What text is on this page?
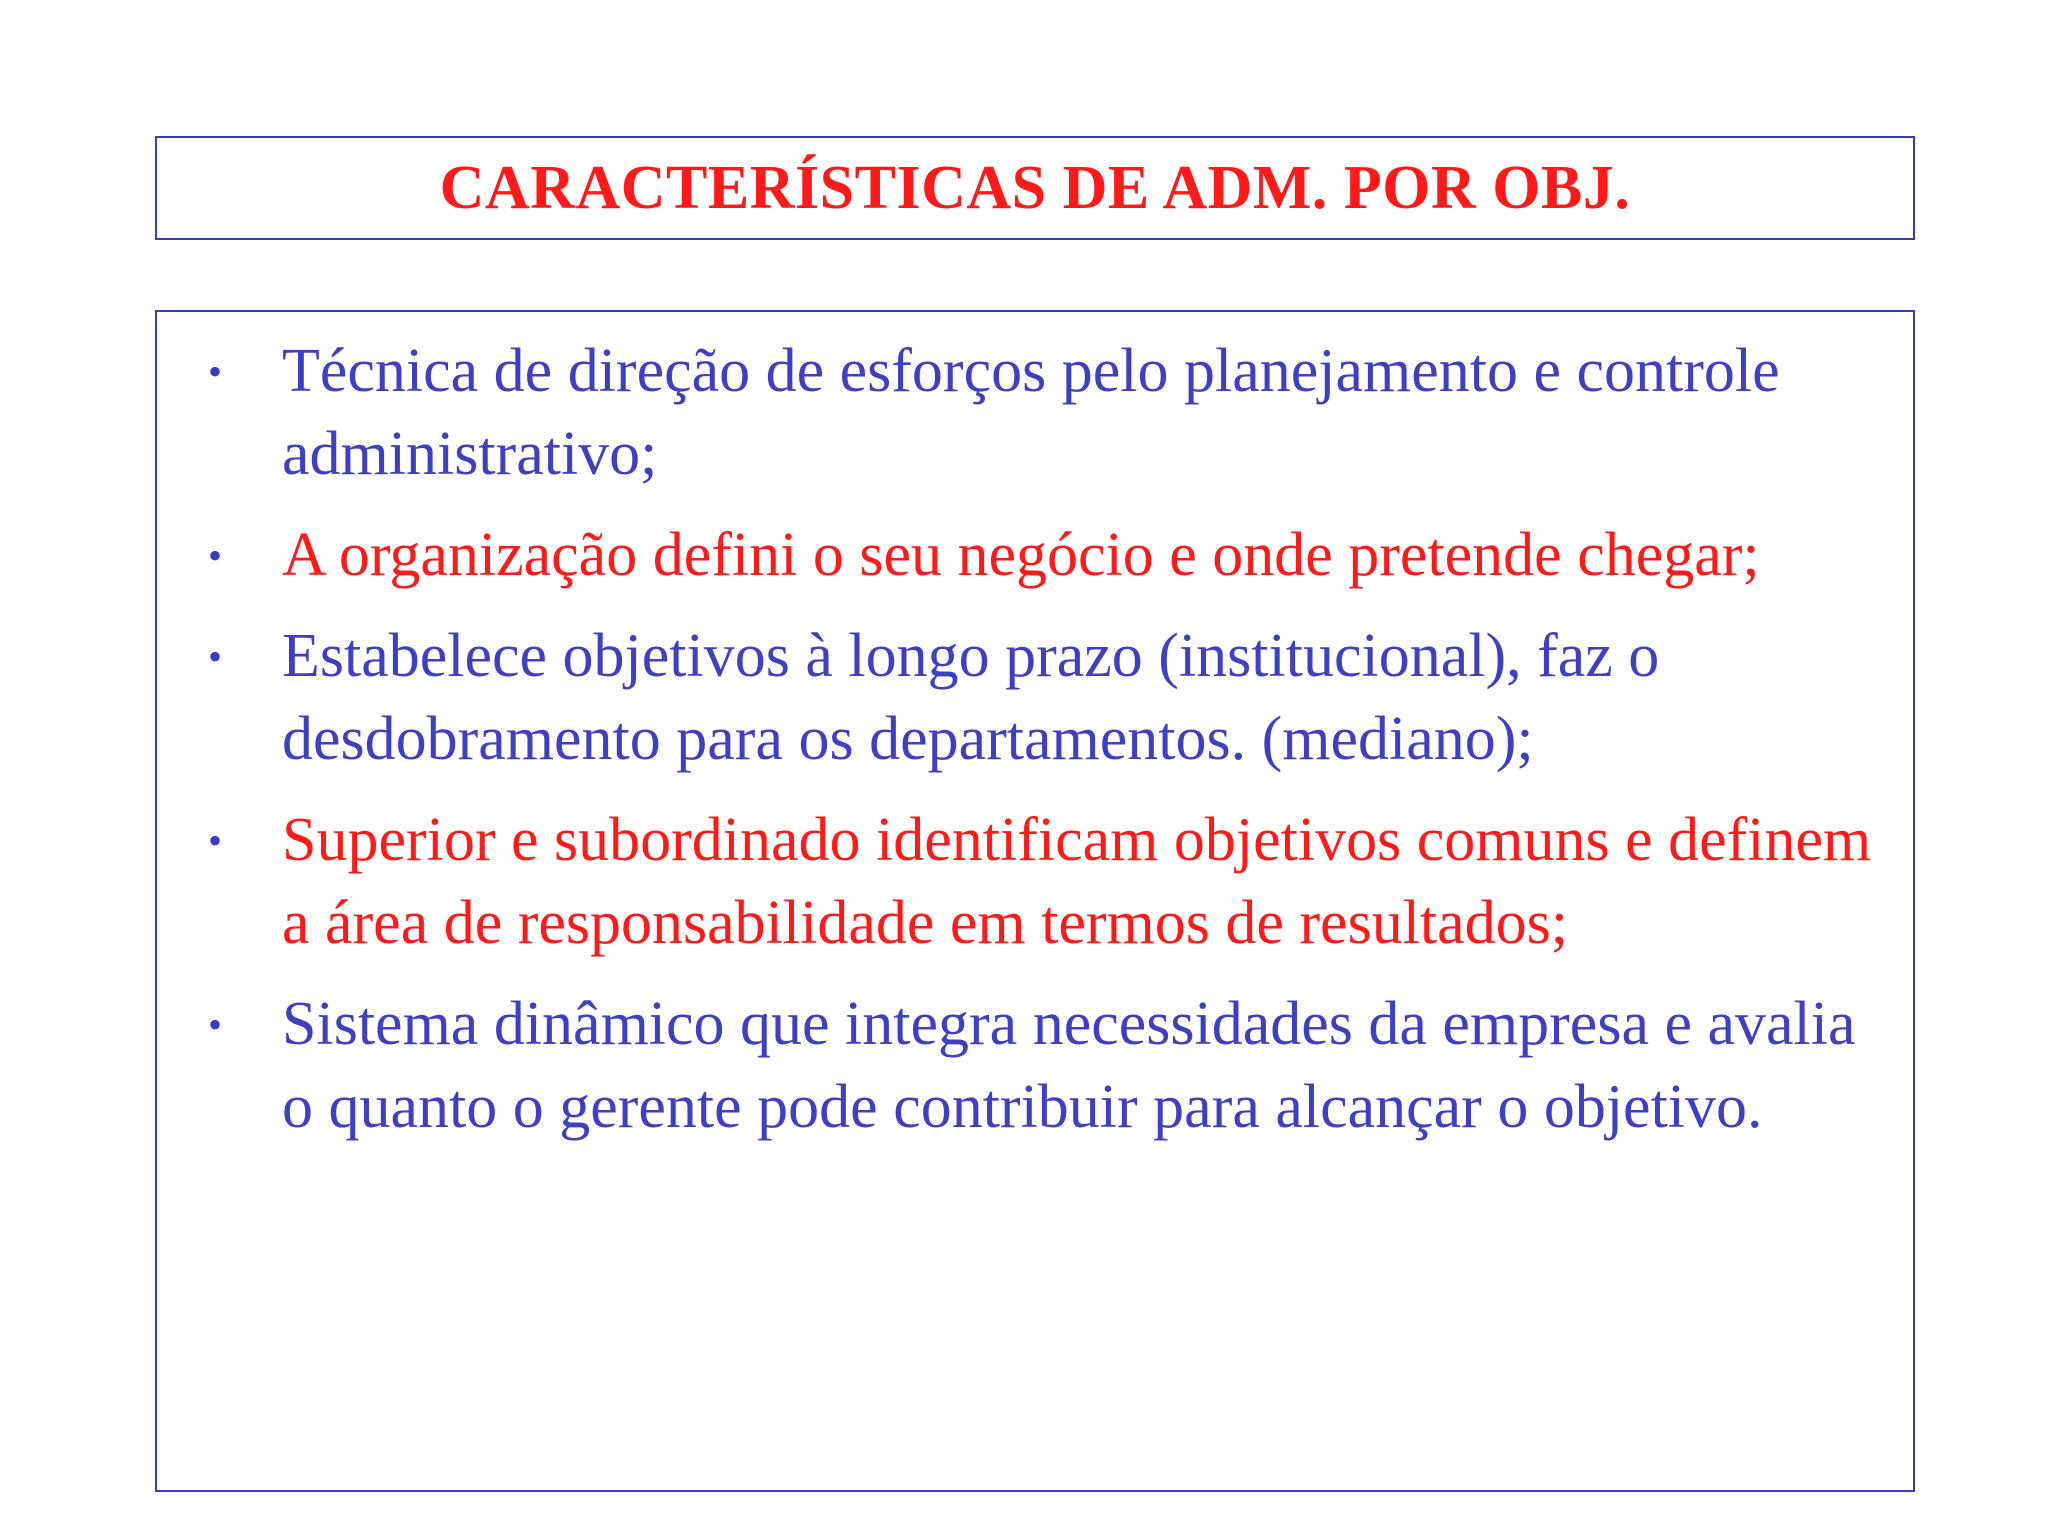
CARACTERÍSTICAS DE ADM. POR OBJ.
• Técnica de direção de esforços pelo planejamento e controle administrativo;
• A organização defini o seu negócio e onde pretende chegar;
• Estabelece objetivos à longo prazo (institucional), faz o desdobramento para os departamentos. (mediano);
• Superior e subordinado identificam objetivos comuns e definem a área de responsabilidade em termos de resultados;
• Sistema dinâmico que integra necessidades da empresa e avalia o quanto o gerente pode contribuir para alcançar o objetivo.
